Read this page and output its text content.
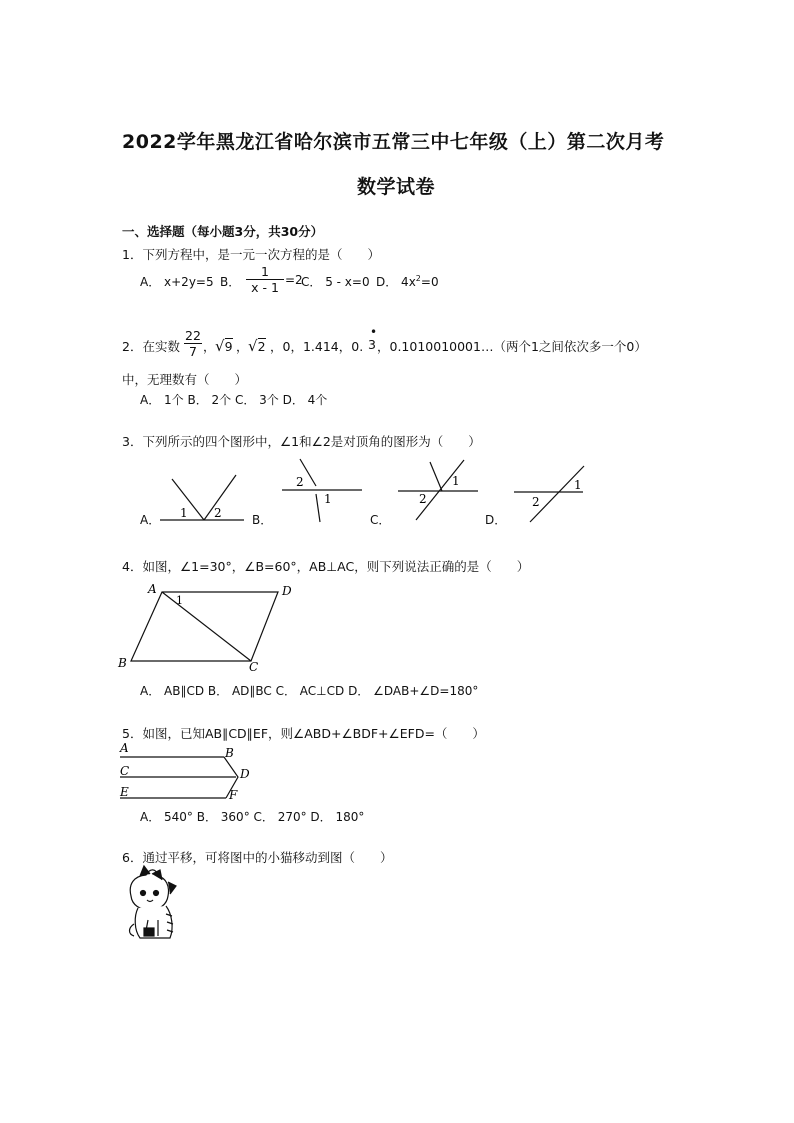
2022学年黑龙江省哈尔滨市五常三中七年级（上）第二次月考
数学试卷
一、选择题（每小题3分，共30分）
1．下列方程中，是一元一次方程的是（　　）
A． x+2y=5 B． $\frac{1}{x - 1} =2$
C． 5 - x=0 D． $4x^2=0$
2．在实数 $\frac{22}{7}$ ， √9 ， √2 ，0，1.414，0.
•
3 ，0.1010010001…（两个1之间依次多一个0）
中，无理数有（　　）
A． 1个 B． 2个 C． 3个 D． 4个
3．下列所示的四个图形中，∠1和∠2是对顶角的图形为（　　）
A．	B．	C．	D．
1 2
2
1
1
2
1
2
A
1
D
B	C
A	B
C	D
E	F
4．如图，∠1=30°，∠B=60°，AB⊥AC，则下列说法正确的是（　　）
A． AB∥CD B． AD∥BC C． AC⊥CD D． ∠DAB+∠D=180°
5．如图，已知AB∥CD∥EF，则∠ABD+∠BDF+∠EFD=（　　）
A． 540° B． 360° C． 270° D． 180°
6．通过平移，可将图中的小猫移动到图（　　）
